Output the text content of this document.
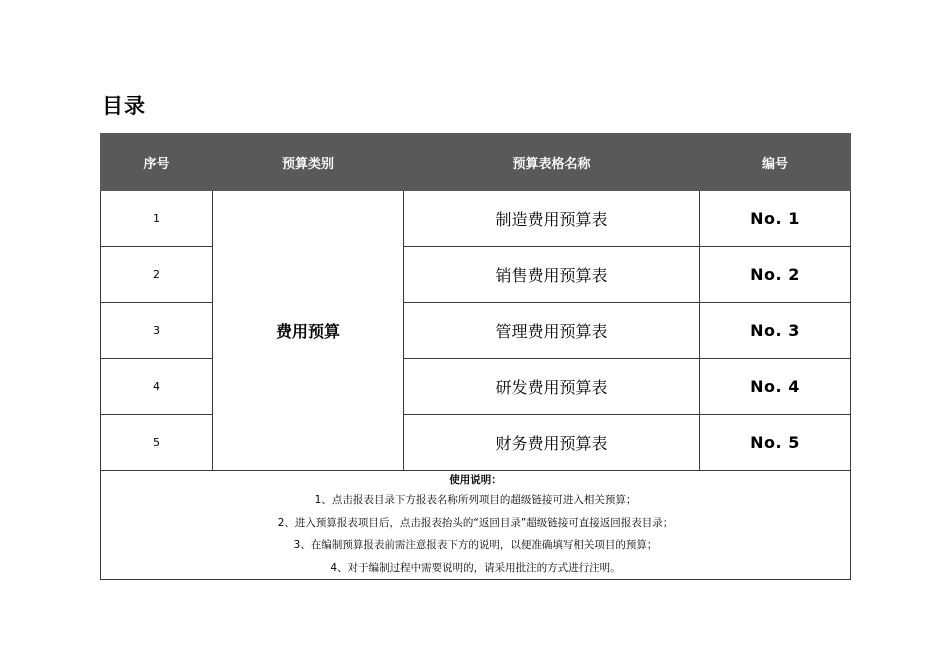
目录
序号	预算类别	预算表格名称	编号
1	费用预算	制造费用预算表	No. 1
2		销售费用预算表	No. 2
3		管理费用预算表	No. 3
4		研发费用预算表	No. 4
5		财务费用预算表	No. 5

使用说明：
1、点击报表目录下方报表名称所列项目的超级链接可进入相关预算；
2、进入预算报表项目后，点击报表抬头的“返回目录”超级链接可直接返回报表目录；
3、在编制预算报表前需注意报表下方的说明，以便准确填写相关项目的预算；
4、对于编制过程中需要说明的，请采用批注的方式进行注明。			
